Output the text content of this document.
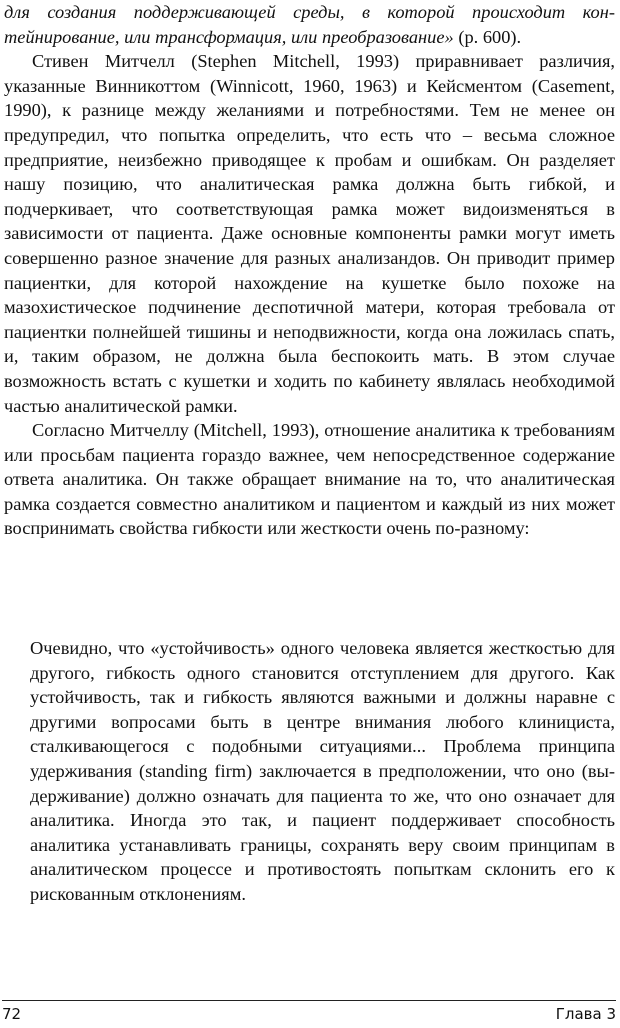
для создания поддерживающей среды, в которой происходит контейнирование, или трансформация, или преобразование» (р. 600).

Стивен Митчелл (Stephen Mitchell, 1993) приравнивает различия, указанные Винникоттом (Winnicott, 1960, 1963) и Кейсментом (Casement, 1990), к разнице между желаниями и потребностями. Тем не менее он предупредил, что попытка определить, что есть что – весьма сложное предприятие, неизбежно приводящее к пробам и ошибкам. Он разделяет нашу позицию, что аналитическая рамка должна быть гибкой, и подчеркивает, что соответствующая рамка может видоизменяться в зависимости от пациента. Даже основные компоненты рамки могут иметь совершенно разное значение для разных анализандов. Он приводит пример пациентки, для которой нахождение на кушетке было похоже на мазохистическое подчинение деспотичной матери, которая требовала от пациентки полнейшей тишины и неподвижности, когда она ложилась спать, и, таким образом, не должна была беспокоить мать. В этом случае возможность встать с кушетки и ходить по кабинету являлась необходимой частью аналитической рамки.

Согласно Митчеллу (Mitchell, 1993), отношение аналитика к требованиям или просьбам пациента гораздо важнее, чем непосредственное содержание ответа аналитика. Он также обращает внимание на то, что аналитическая рамка создается совместно аналитиком и пациентом и каждый из них может воспринимать свойства гибкости или жесткости очень по-разному:

Очевидно, что «устойчивость» одного человека является жесткостью для другого, гибкость одного становится отступлением для другого. Как устойчивость, так и гибкость являются важными и должны наравне с другими вопросами быть в центре внимания любого клинициста, сталкивающегося с подобными ситуациями... Проблема принципа удерживания (standing firm) заключается в предположении, что оно (выдерживание) должно означать для пациента то же, что оно означает для аналитика. Иногда это так, и пациент поддерживает способность аналитика устанавливать границы, сохранять веру своим принципам в аналитическом процессе и противостоять попыткам склонить его к рискованным отклонениям.

72	Глава 3
